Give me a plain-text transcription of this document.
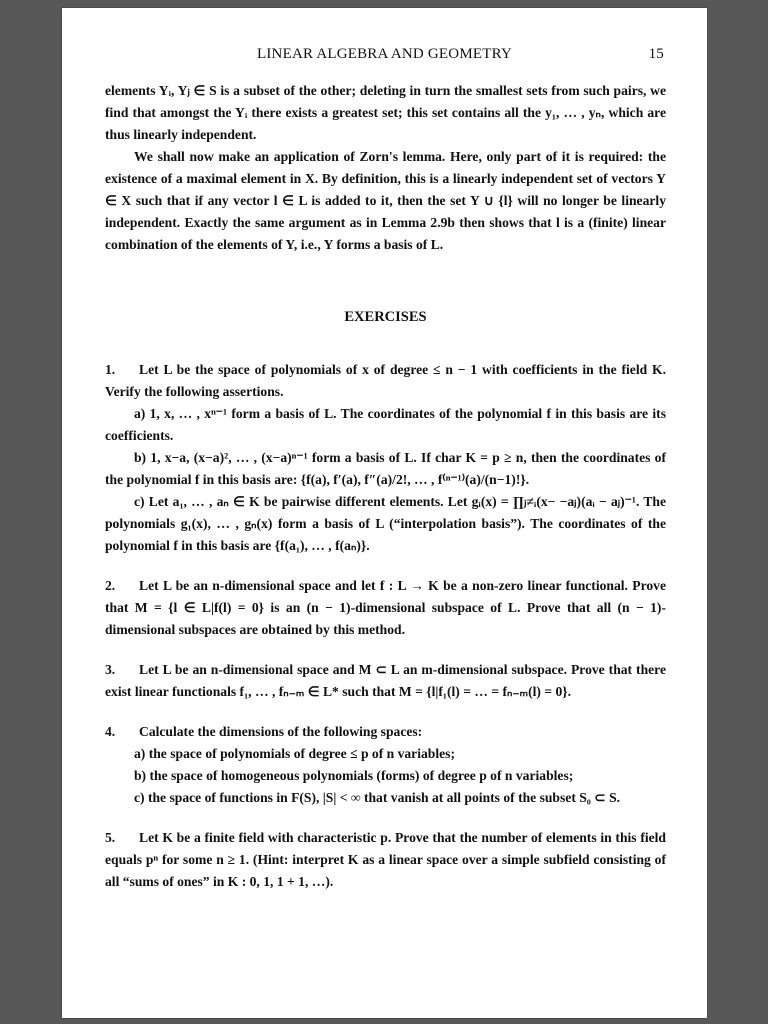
LINEAR ALGEBRA AND GEOMETRY	15

elements Yᵢ, Yⱼ ∈ S is a subset of the other; deleting in turn the smallest sets from such pairs, we find that amongst the Yᵢ there exists a greatest set; this set contains all the y₁, … , yₙ, which are thus linearly independent.

We shall now make an application of Zorn's lemma. Here, only part of it is required: the existence of a maximal element in X. By definition, this is a linearly independent set of vectors Y ∈ X such that if any vector l ∈ L is added to it, then the set Y ∪ {l} will no longer be linearly independent. Exactly the same argument as in Lemma 2.9b then shows that l is a (finite) linear combination of the elements of Y, i.e., Y forms a basis of L.

EXERCISES

1. Let L be the space of polynomials of x of degree ≤ n − 1 with coefficients in the field K. Verify the following assertions.

a) 1, x, … , xⁿ⁻¹ form a basis of L. The coordinates of the polynomial f in this basis are its coefficients.

b) 1, x−a, (x−a)², … , (x−a)ⁿ⁻¹ form a basis of L. If char K = p ≥ n, then the coordinates of the polynomial f in this basis are: {f(a), f′(a), f″(a)/2!, … , f⁽ⁿ⁻¹⁾(a)/(n−1)!}.

c) Let a₁, … , aₙ ∈ K be pairwise different elements. Let gᵢ(x) = ∏ⱼ≠ᵢ(x− −aⱼ)(aᵢ − aⱼ)⁻¹. The polynomials g₁(x), … , gₙ(x) form a basis of L (“interpolation basis”). The coordinates of the polynomial f in this basis are {f(a₁), … , f(aₙ)}.

2. Let L be an n-dimensional space and let f : L → K be a non-zero linear functional. Prove that M = {l ∈ L|f(l) = 0} is an (n − 1)-dimensional subspace of L. Prove that all (n − 1)-dimensional subspaces are obtained by this method.

3. Let L be an n-dimensional space and M ⊂ L an m-dimensional subspace. Prove that there exist linear functionals f₁, … , fₙ₋ₘ ∈ L* such that M = {l|f₁(l) = … = fₙ₋ₘ(l) = 0}.

4. Calculate the dimensions of the following spaces:

a) the space of polynomials of degree ≤ p of n variables;

b) the space of homogeneous polynomials (forms) of degree p of n variables;

c) the space of functions in F(S), |S| < ∞ that vanish at all points of the subset S₀ ⊂ S.

5. Let K be a finite field with characteristic p. Prove that the number of elements in this field equals pⁿ for some n ≥ 1. (Hint: interpret K as a linear space over a simple subfield consisting of all “sums of ones” in K : 0, 1, 1 + 1, …).
